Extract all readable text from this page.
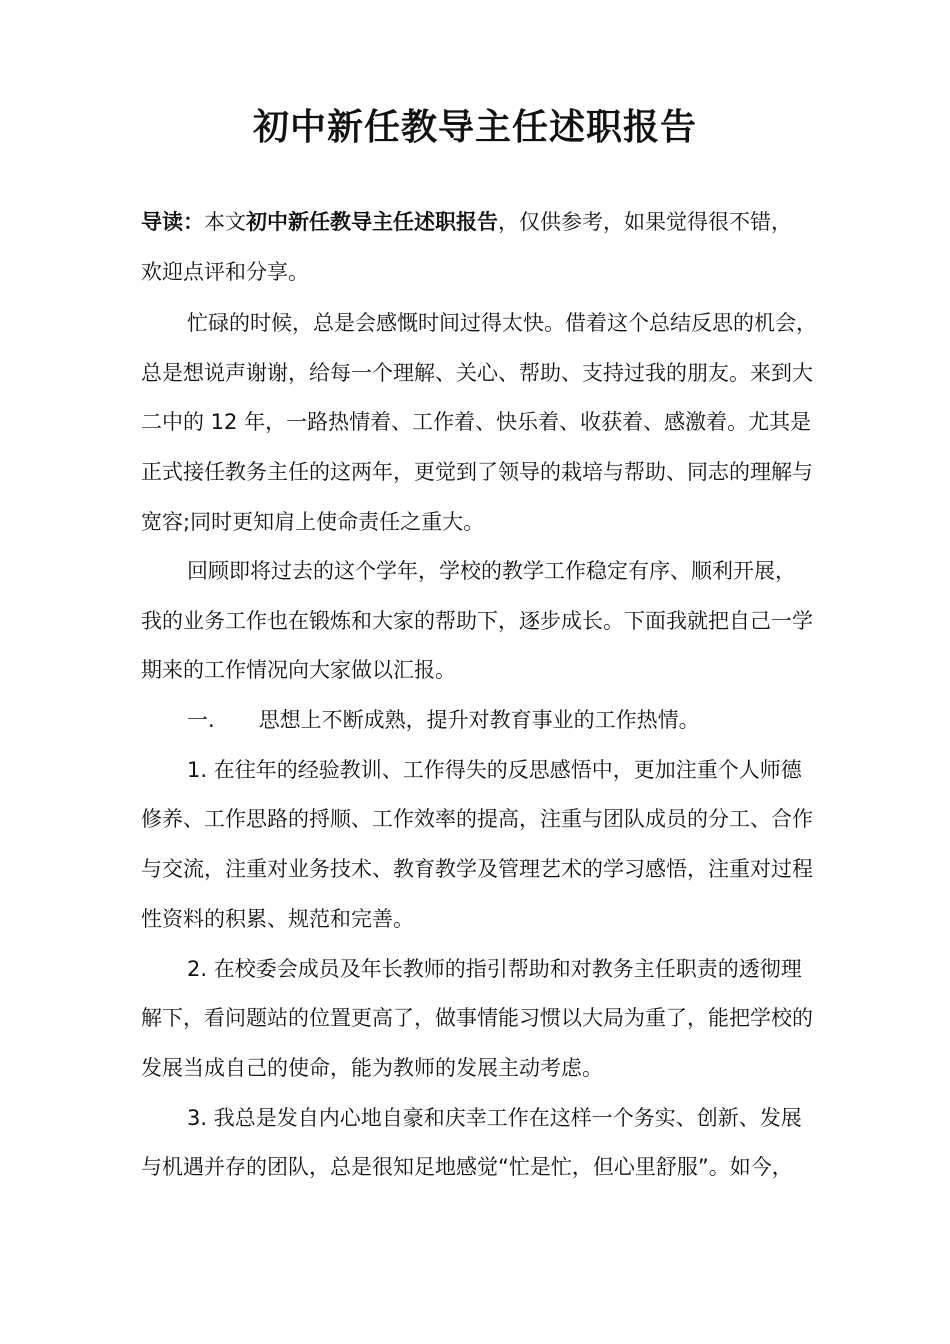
初中新任教导主任述职报告
导读：本文初中新任教导主任述职报告，仅供参考，如果觉得很不错，
欢迎点评和分享。
忙碌的时候，总是会感慨时间过得太快。借着这个总结反思的机会，
总是想说声谢谢，给每一个理解、关心、帮助、支持过我的朋友。来到大
二中的 12 年，一路热情着、工作着、快乐着、收获着、感激着。尤其是
正式接任教务主任的这两年，更觉到了领导的栽培与帮助、同志的理解与
宽容;同时更知肩上使命责任之重大。
回顾即将过去的这个学年，学校的教学工作稳定有序、顺利开展，
我的业务工作也在锻炼和大家的帮助下，逐步成长。下面我就把自己一学
期来的工作情况向大家做以汇报。
一. 思想上不断成熟，提升对教育事业的工作热情。
1. 在往年的经验教训、工作得失的反思感悟中，更加注重个人师德
修养、工作思路的捋顺、工作效率的提高，注重与团队成员的分工、合作
与交流，注重对业务技术、教育教学及管理艺术的学习感悟，注重对过程
性资料的积累、规范和完善。
2. 在校委会成员及年长教师的指引帮助和对教务主任职责的透彻理
解下，看问题站的位置更高了，做事情能习惯以大局为重了，能把学校的
发展当成自己的使命，能为教师的发展主动考虑。
3. 我总是发自内心地自豪和庆幸工作在这样一个务实、创新、发展
与机遇并存的团队，总是很知足地感觉“忙是忙，但心里舒服”。如今，
